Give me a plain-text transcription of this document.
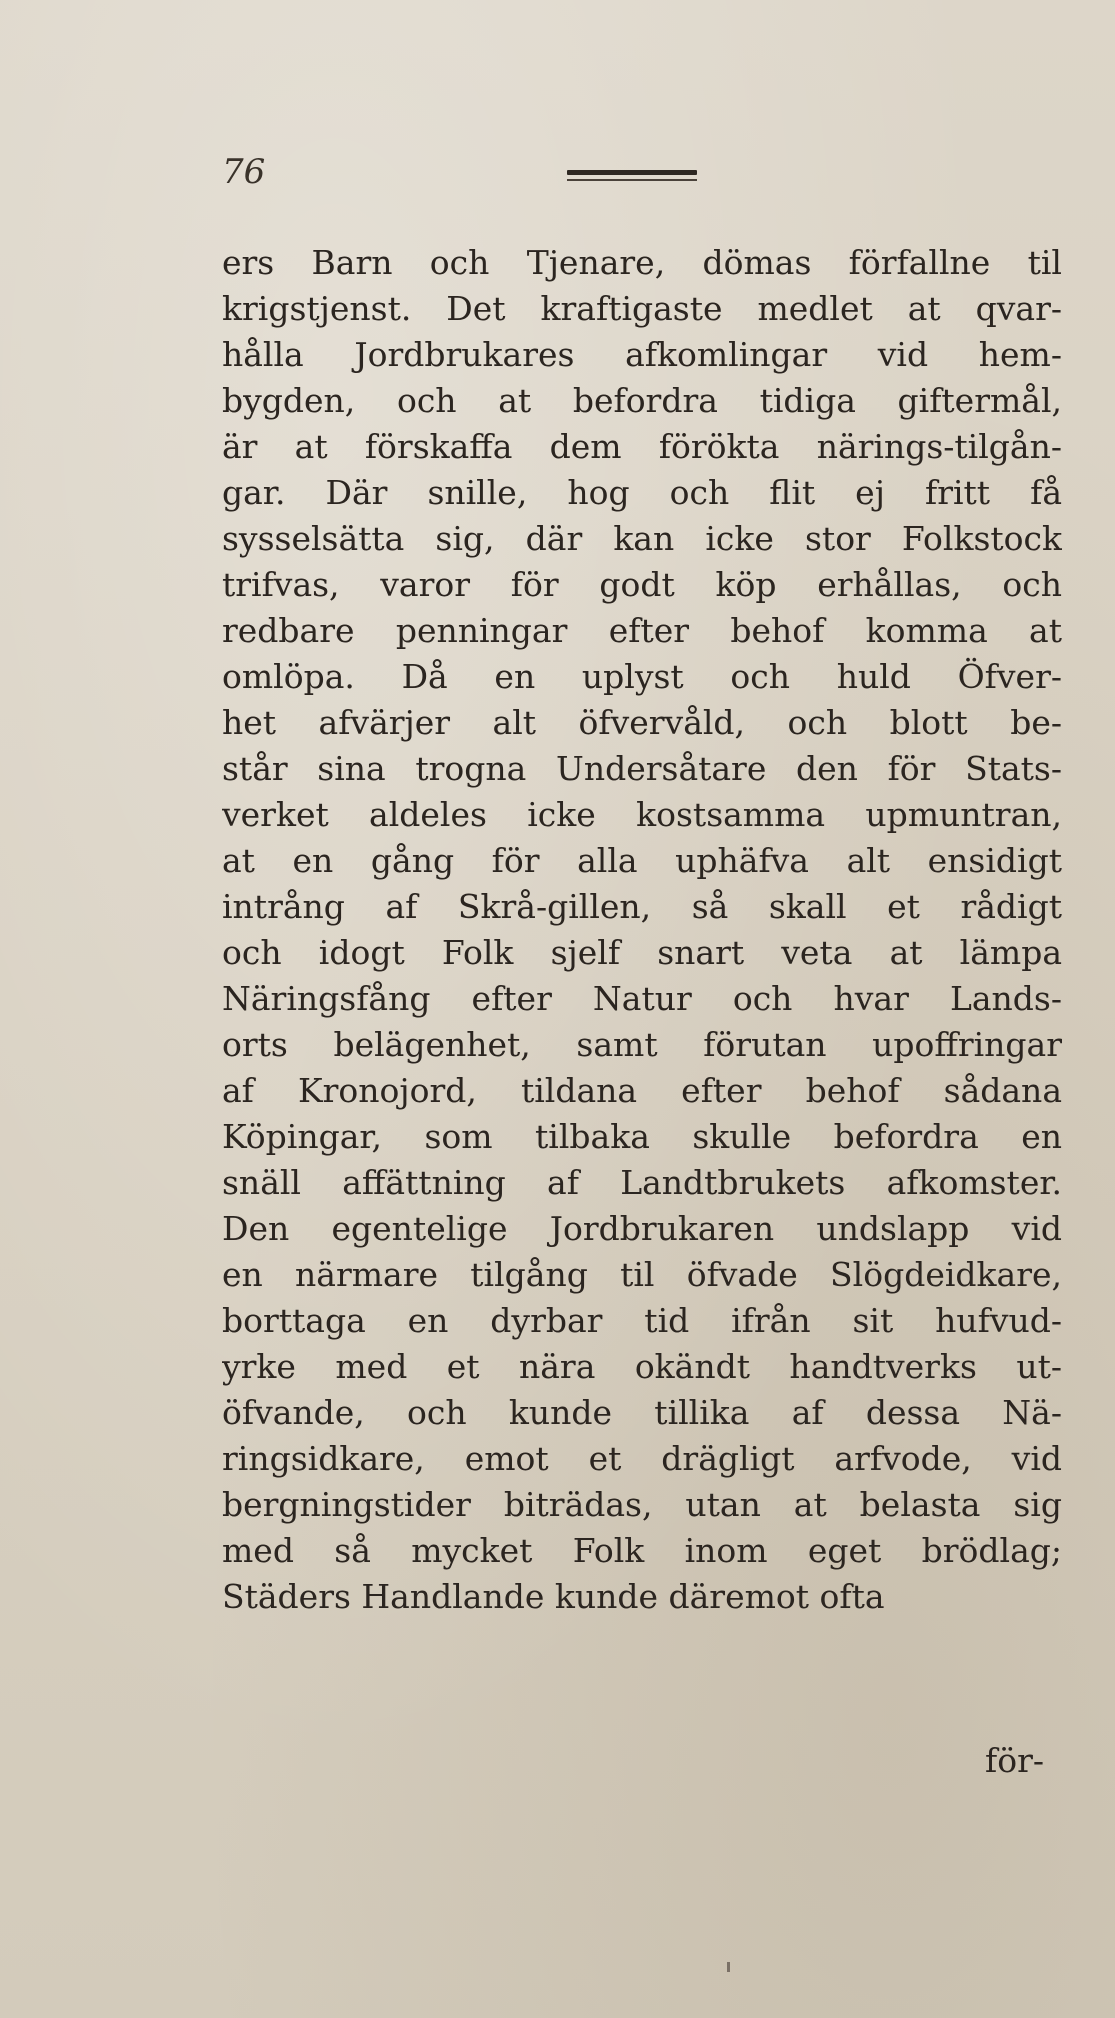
76
ers Barn och Tjenare, dömas förfallne til
krigstjenst. Det kraftigaste medlet at qvar-
hålla Jordbrukares afkomlingar vid hem-
bygden, och at befordra tidiga giftermål,
är at förskaffa dem förökta närings-tilgån-
gar. Där snille, hog och flit ej fritt få
sysselsätta sig, där kan icke stor Folkstock
trifvas, varor för godt köp erhållas, och
redbare penningar efter behof komma at
omlöpa. Då en uplyst och huld Öfver-
het afvärjer alt öfvervåld, och blott be-
står sina trogna Undersåtare den för Stats-
verket aldeles icke kostsamma upmuntran,
at en gång för alla uphäfva alt ensidigt
intrång af Skrå-gillen, så skall et rådigt
och idogt Folk sjelf snart veta at lämpa
Näringsfång efter Natur och hvar Lands-
orts belägenhet, samt förutan upoffringar
af Kronojord, tildana efter behof sådana
Köpingar, som tilbaka skulle befordra en
snäll affättning af Landtbrukets afkomster.
Den egentelige Jordbrukaren undslapp vid
en närmare tilgång til öfvade Slögdeidkare,
borttaga en dyrbar tid ifrån sit hufvud-
yrke med et nära okändt handtverks ut-
öfvande, och kunde tillika af dessa Nä-
ringsidkare, emot et drägligt arfvode, vid
bergningstider biträdas, utan at belasta sig
med så mycket Folk inom eget brödlag;
Städers Handlande kunde däremot ofta
för-
